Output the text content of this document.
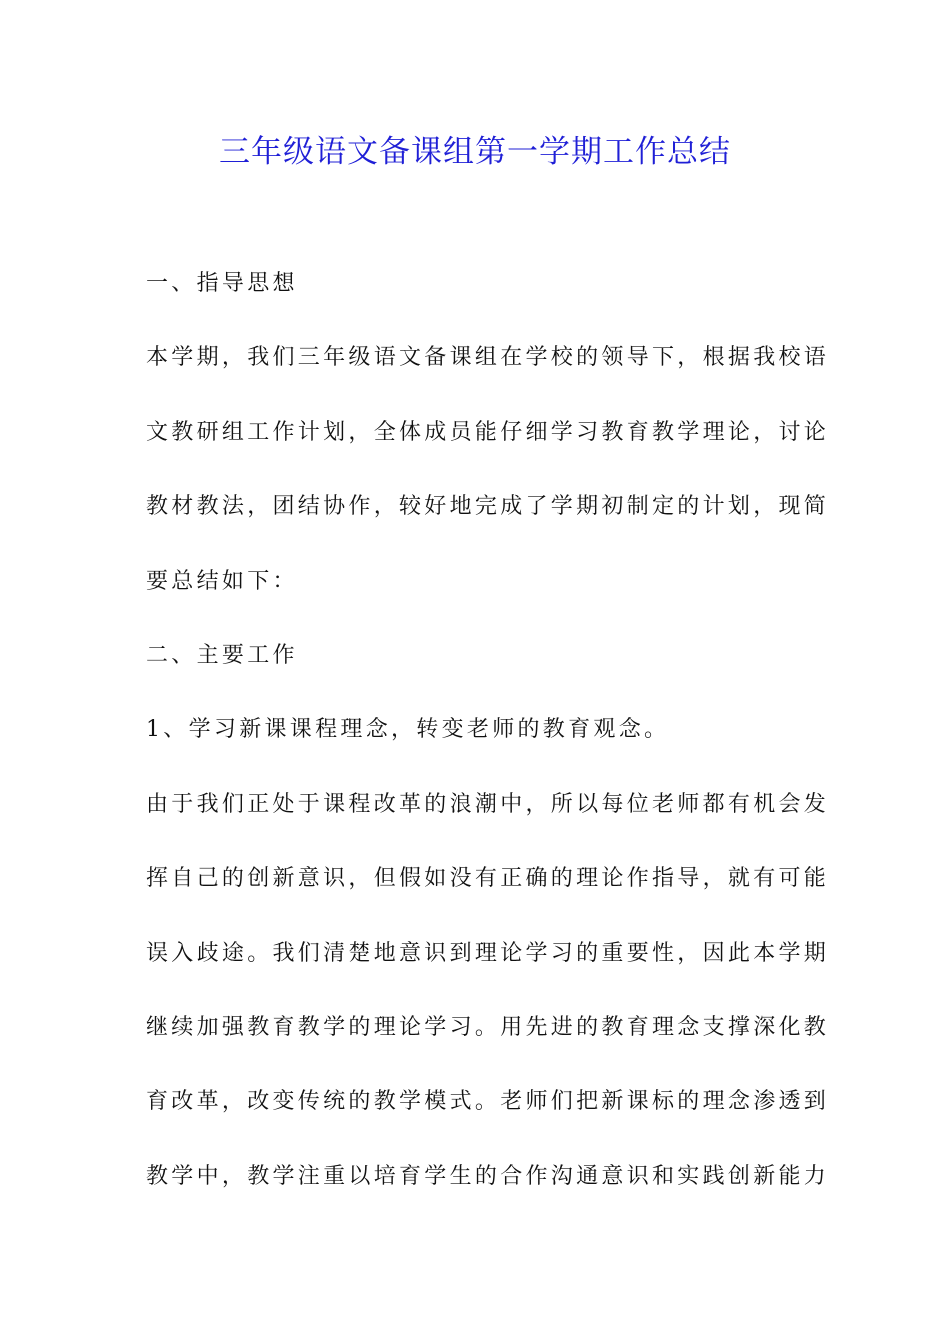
三年级语文备课组第一学期工作总结

一、指导思想

本学期，我们三年级语文备课组在学校的领导下，根据我校语

文教研组工作计划，全体成员能仔细学习教育教学理论，讨论

教材教法，团结协作，较好地完成了学期初制定的计划，现简

要总结如下：

二、主要工作

1、学习新课课程理念，转变老师的教育观念。

由于我们正处于课程改革的浪潮中，所以每位老师都有机会发

挥自己的创新意识，但假如没有正确的理论作指导，就有可能

误入歧途。我们清楚地意识到理论学习的重要性，因此本学期

继续加强教育教学的理论学习。用先进的教育理念支撑深化教

育改革，改变传统的教学模式。老师们把新课标的理念渗透到

教学中，教学注重以培育学生的合作沟通意识和实践创新能力
